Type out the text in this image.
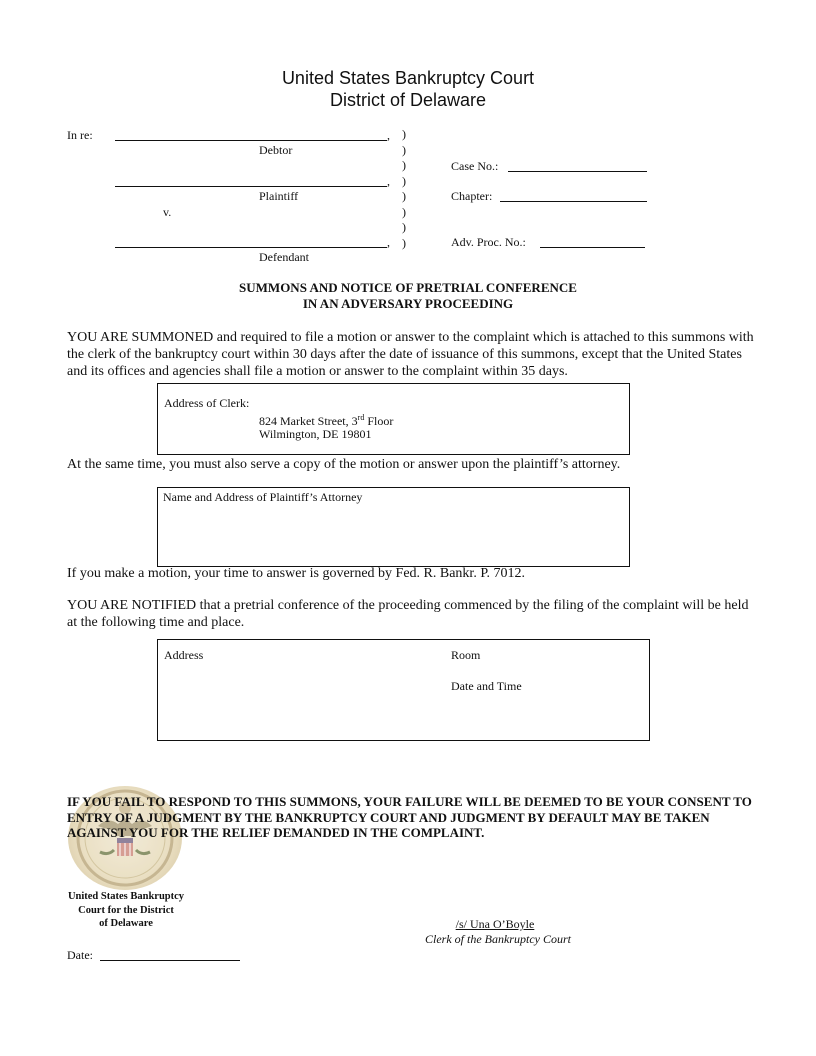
United States Bankruptcy Court
District of Delaware
In re:	,
Debtor
,
Plaintiff
v.
,
Defendant
)
)
)
)
)
)
)
)
Case No.:
Chapter:
Adv. Proc. No.:
SUMMONS AND NOTICE OF PRETRIAL CONFERENCE
IN AN ADVERSARY PROCEEDING
YOU ARE SUMMONED and required to file a motion or answer to the complaint which is attached to this summons with the clerk of the bankruptcy court within 30 days after the date of issuance of this summons, except that the United States and its offices and agencies shall file a motion or answer to the complaint within 35 days.
Address of Clerk:
824 Market Street, 3rd Floor
Wilmington, DE 19801
At the same time, you must also serve a copy of the motion or answer upon the plaintiff’s attorney.
Name and Address of Plaintiff’s Attorney
If you make a motion, your time to answer is governed by Fed. R. Bankr. P. 7012.
YOU ARE NOTIFIED that a pretrial conference of the proceeding commenced by the filing of the complaint will be held at the following time and place.
Address	Room
Date and Time
IF YOU FAIL TO RESPOND TO THIS SUMMONS, YOUR FAILURE WILL BE DEEMED TO BE YOUR CONSENT TO ENTRY OF A JUDGMENT BY THE BANKRUPTCY COURT AND JUDGMENT BY DEFAULT MAY BE TAKEN AGAINST YOU FOR THE RELIEF DEMANDED IN THE COMPLAINT.
United States Bankruptcy
Court for the District
of Delaware	/s/ Una O’Boyle
Clerk of the Bankruptcy Court
Date:
